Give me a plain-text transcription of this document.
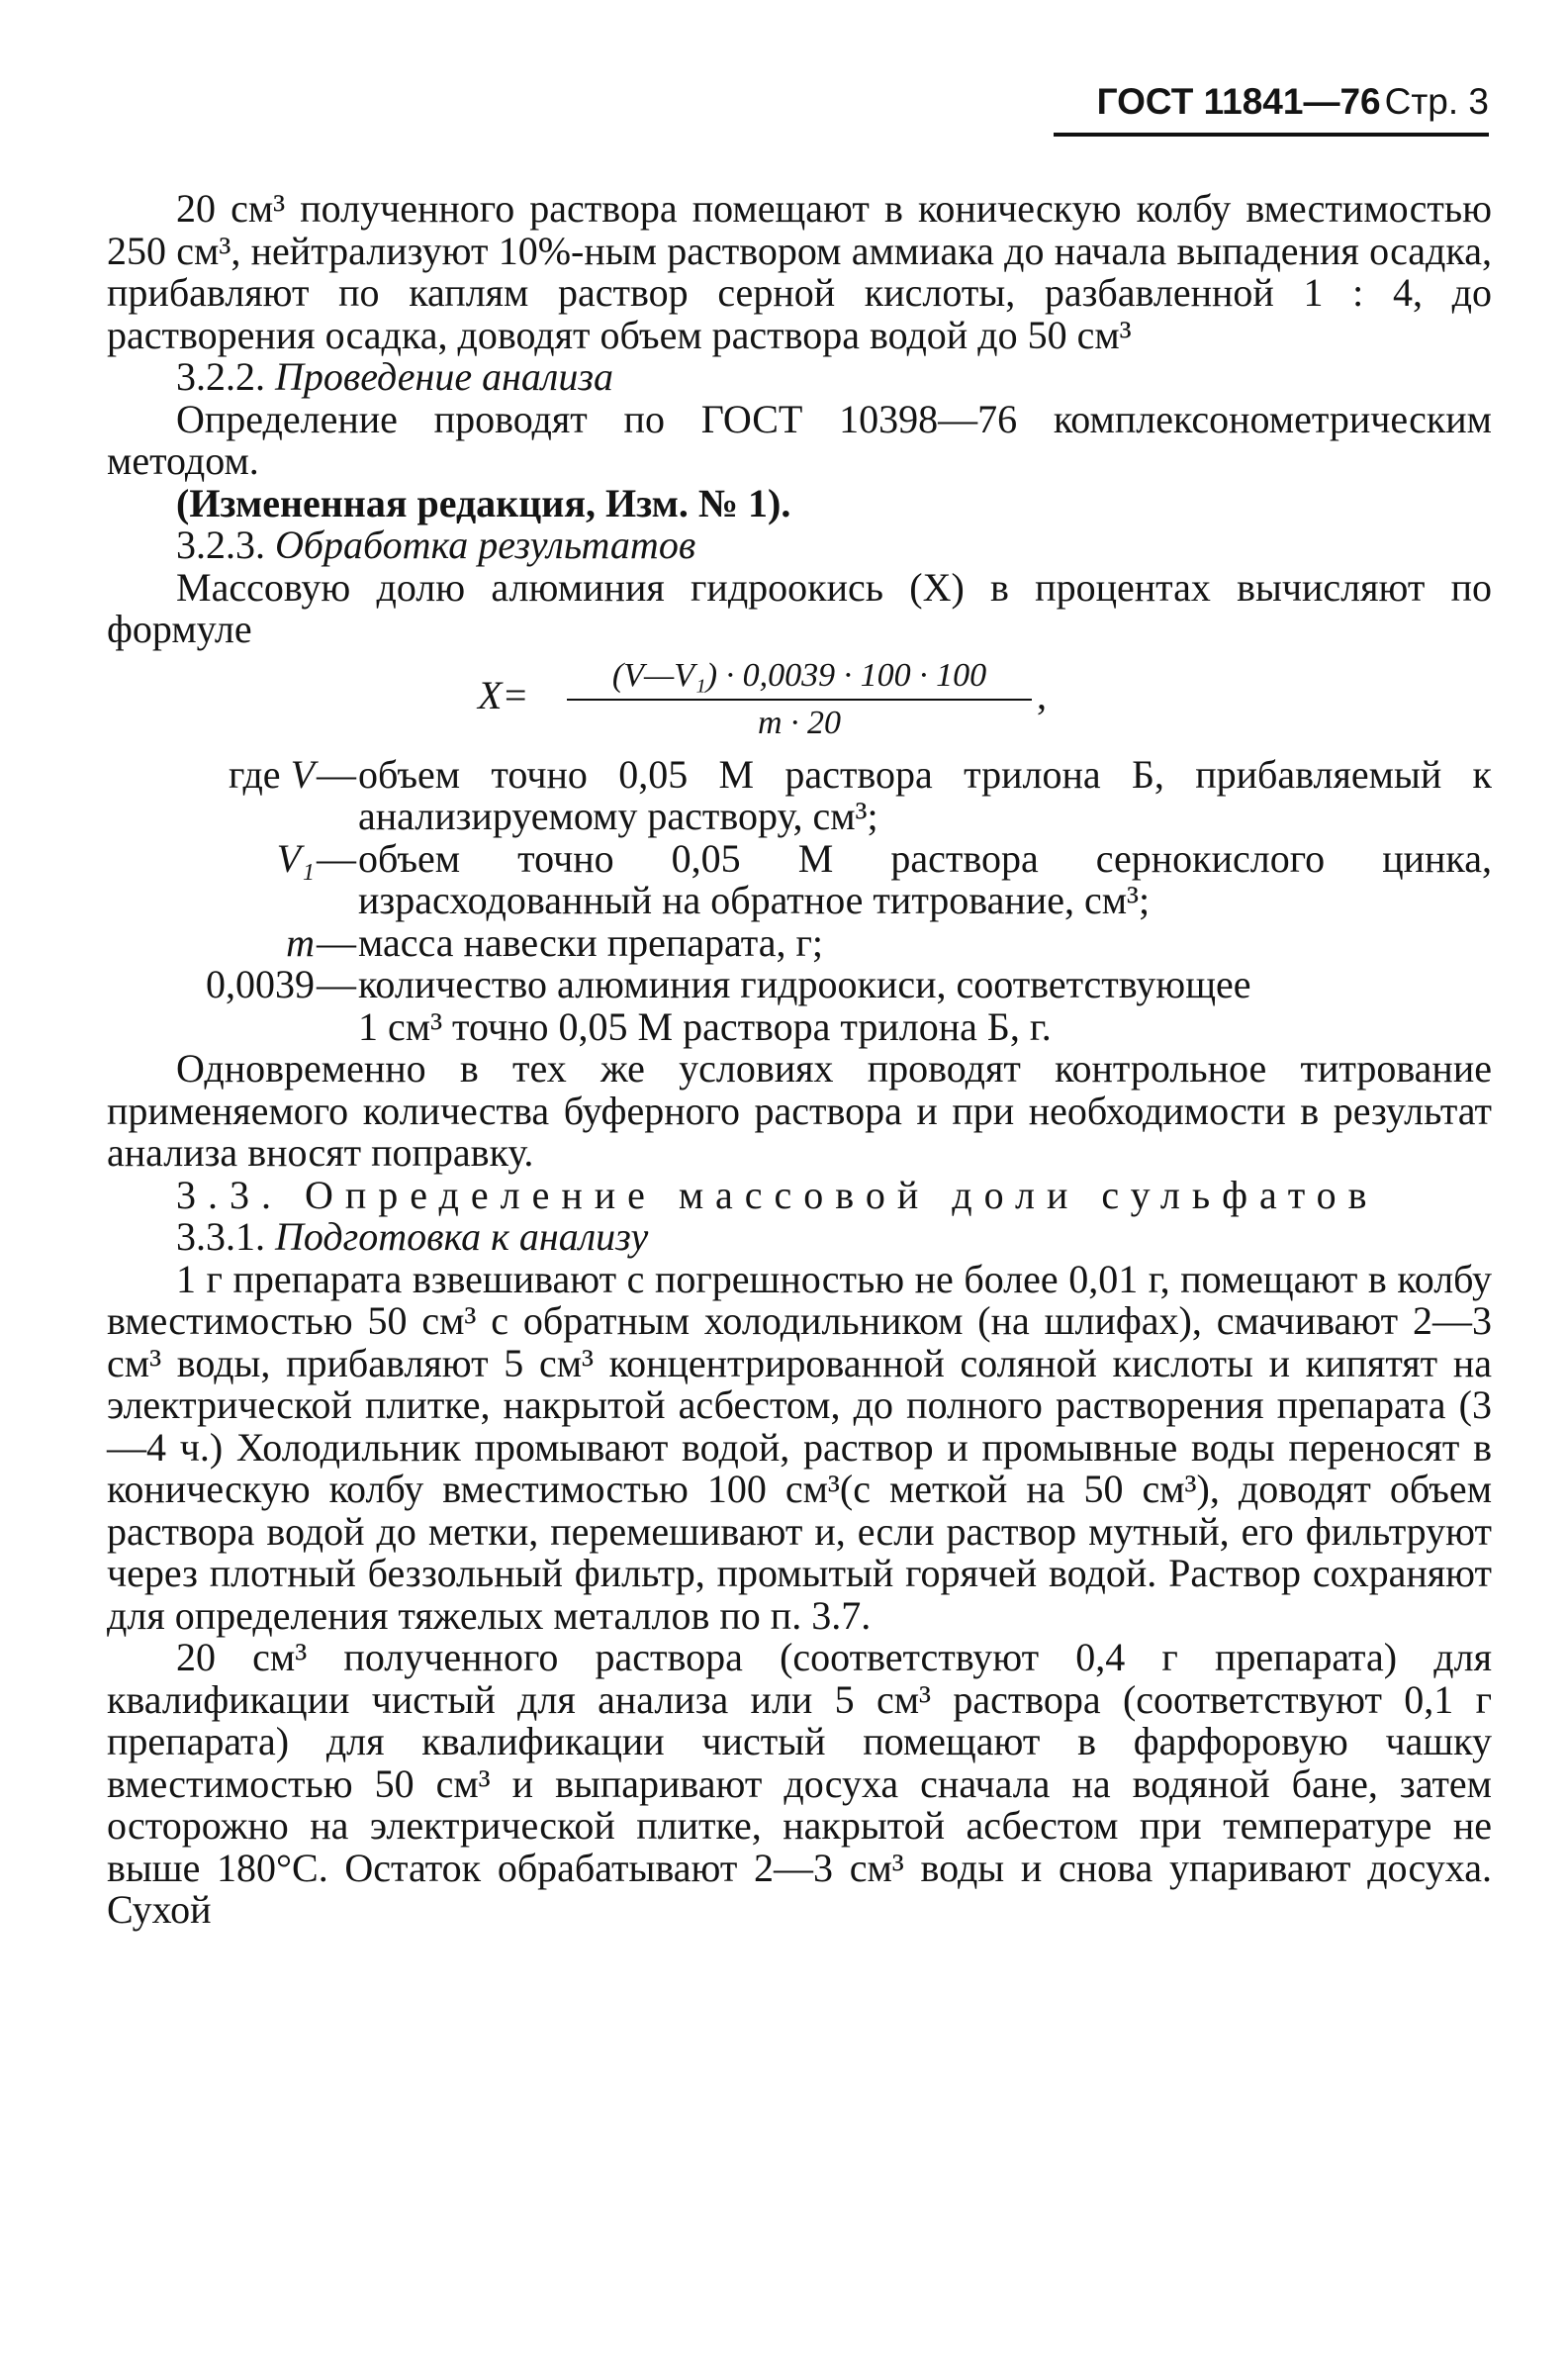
ГОСТ 11841—76 Стр. 3

20 см³ полученного раствора помещают в коническую колбу вместимостью 250 см³, нейтрализуют 10%-ным раствором аммиака до начала выпадения осадка, прибавляют по каплям раствор серной кислоты, разбавленной 1 : 4, до растворения осадка, доводят объем раствора водой до 50 см³

3.2.2. Проведение анализа

Определение проводят по ГОСТ 10398—76 комплексонометрическим методом.

(Измененная редакция, Изм. № 1).

3.2.3. Обработка результатов

Массовую долю алюминия гидроокись (X) в процентах вычисляют по формуле

$X= \frac{\text{(V—V₁) · 0,0039 · 100 · 100}}{m \cdot 20}$ ,
где V — объем точно 0,05 М раствора трилона Б, прибавляемый к анализируемому раствору, см³;
V₁ — объем точно 0,05 М раствора сернокислого цинка, израсходованный на обратное титрование, см³;
m — масса навески препарата, г;
0,0039 — количество алюминия гидроокиси, соответствующее
1 см³ точно 0,05 М раствора трилона Б, г.

Одновременно в тех же условиях проводят контрольное титрование применяемого количества буферного раствора и при необходимости в результат анализа вносят поправку.

3.3. Определение массовой доли сульфатов

3.3.1. Подготовка к анализу

1 г препарата взвешивают с погрешностью не более 0,01 г, помещают в колбу вместимостью 50 см³ с обратным холодильником (на шлифах), смачивают 2—3 см³ воды, прибавляют 5 см³ концентрированной соляной кислоты и кипятят на электрической плитке, накрытой асбестом, до полного растворения препарата (3—4 ч.) Холодильник промывают водой, раствор и промывные воды переносят в коническую колбу вместимостью 100 см³(с меткой на 50 см³), доводят объем раствора водой до метки, перемешивают и, если раствор мутный, его фильтруют через плотный беззольный фильтр, промытый горячей водой. Раствор сохраняют для определения тяжелых металлов по п. 3.7.

20 см³ полученного раствора (соответствуют 0,4 г препарата) для квалификации чистый для анализа или 5 см³ раствора (соответствуют 0,1 г препарата) для квалификации чистый помещают в фарфоровую чашку вместимостью 50 см³ и выпаривают досуха сначала на водяной бане, затем осторожно на электрической плитке, накрытой асбестом при температуре не выше 180°С. Остаток обрабатывают 2—3 см³ воды и снова упаривают досуха. Сухой
